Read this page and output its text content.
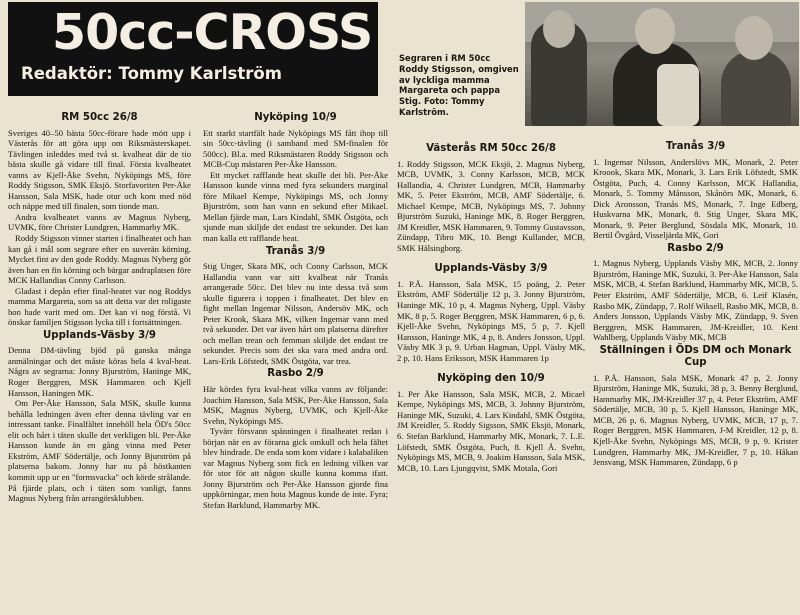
50cc-CROSS
Redaktör: Tommy Karlström

Segraren i RM 50cc Roddy Stigsson, omgiven av lyckliga mamma Margareta och pappa Stig. Foto: Tommy Karlström.

RM 50cc 26/8

Sveriges 40–50 bästa 50cc-förare hade mött upp i Västerås för att göra upp om Riksmästerskapet. Tävlingen inleddes med två st. kvalheat där de tio bästa skulle gå vidare till final. Första kvalheatet vanns av Kjell-Åke Svehn, Nyköpings MS, före Roddy Stigsson, SMK Eksjö. Storfavoriten Per-Åke Hansson, Sala MSK, hade otur och kom med nöd och näppe med till finalen, som tionde man.

Andra kvalheatet vanns av Magnus Nyberg, UVMK, före Christer Lundgren, Hammarby MK.

Roddy Stigsson vinner starten i finalheatet och han kan gå i mål som segrare efter en suverän körning. Mycket fint av den gode Roddy. Magnus Nyberg gör även han en fin körning och bärgar andraplatsen före MCK Hallandias Conny Carlsson.

Gladast i depån efter final-heatet var nog Roddys mamma Margareta, som sa att detta var det roligaste hon hade varit med om. Det kan vi nog förstå. Vi önskar familjen Stigsson lycka till i fortsättningen.

Upplands-Väsby 3/9

Denna DM-tävling bjöd på ganska många anmälningar och det måste köras hela 4 kval-heat. Några av segrarna: Jonny Bjurström, Haninge MK, Roger Berggren, MSK Hammaren och Kjell Hansson, Haningen MK.

Om Per-Åke Hansson, Sala MSK, skulle kunna behålla ledningen även efter denna tävling var en intressant tanke. Finalfältet innehöll hela ÖD's 50cc elit och hårt i täten skulle det verkligen bli. Per-Åke Hansson kunde än en gång vinna med Peter Ekström, AMF Södertälje, och Jonny Bjurström på platserna bakom. Jonny har nu på höstkanten kommit upp ur en "formsvacka" och körde strålande. På fjärde plats, och i täten som vanligt, fanns Magnus Nyberg från arrangörsklubben.

Nyköping 10/9

Ett starkt startfält hade Nyköpings MS fått ihop till sin 50cc-tävling (i samband med SM-finalen för 500cc). Bl.a. med Riksmästaren Roddy Stigsson och MCB-Cup mästaren Per-Åke Hansson.

Ett mycket rafflande heat skulle det bli. Per-Åke Hansson kunde vinna med fyra sekunders marginal före Mikael Kempe, Nyköpings MS, och Jonny Bjurström, som han vann en sekund efter Mikael. Mellan fjärde man, Lars Kindahl, SMK Östgöta, och sjunde man skiljde det endast tre sekunder. Det kan man kalla ett rafflande heat.

Tranås 3/9

Stig Unger, Skara MK, och Conny Carlsson, MCK Hallandia vann var sitt kvalheat när Tranås arrangerade 50cc. Det blev nu inte dessa två som skulle figurera i toppen i finalheatet. Det blev en fight mellan Ingemar Nilsson, Andersöv MK, och Peter Krook, Skara MK, vilken Ingemar vann med två sekunder. Det var även hårt om platserna därefter och mellan trean och femman skiljde det endast tre sekunder. Precis som det ska vara med andra ord. Lars-Erik Löfstedt, SMK Östgöta, var trea.

Rasbo 2/9

Här kördes fyra kval-heat vilka vanns av följande: Joachim Hansson, Sala MSK, Per-Åke Hansson, Sala MSK, Magnus Nyberg, UVMK, och Kjell-Åke Svehn, Nyköpings MS.

Tyvärr försvann spänningen i finalheatet redan i början när en av förarna gick omkull och hela fältet blev hindrade. De enda som kom vidare i kalabaliken var Magnus Nyberg som fick en ledning vilken var för stor för att någon skulle kunna komma ifatt. Jonny Bjurström och Per-Åke Hansson gjorde fina uppkörningar, men hota Magnus kunde de inte. Fyra; Stefan Barklund, Hammarby MK.

Västerås RM 50cc 26/8

1. Roddy Stigsson, MCK Eksjö, 2. Magnus Nyberg, MCB, UVMK, 3. Conny Karlsson, MCB, MCK Hallandia, 4. Christer Lundgren, MCB, Hammarby MK, 5. Peter Ekström, MCB, AMF Södertälje, 6. Michael Kempe, MCB, Nyköpings MS, 7. Johnny Bjurström Suzuki, Haninge MK, 8. Roger Berggren, JM Kreidler, MSK Hammaren, 9. Tommy Gustavsson, Zündapp, Tibro MK, 10. Bengt Kullander, MCB, SMK Hälsingborg.

Upplands-Väsby 3/9

1. P.Å. Hansson, Sala MSK, 15 poäng, 2. Peter Ekström, AMF Södertälje 12 p, 3. Jonny Bjurström, Haninge MK, 10 p, 4. Magnus Nyberg, Uppl. Väsby MK, 8 p, 5. Roger Berggren, MSK Hammaren, 6 p, 6. Kjell-Åke Svehn, Nyköpings MS, 5 p, 7. Kjell Hansson, Haninge MK, 4 p, 8. Anders Jonsson, Uppl. Väsby MK 3 p, 9. Urban Hagman, Uppl. Väsby MK, 2 p, 10. Hans Eriksson, MSK Hammaren 1p

Nyköping den 10/9

1. Per Åke Hansson, Sala MSK, MCB, 2. Micael Kempe, Nyköpings MS, MCB, 3. Johnny Bjurström, Haninge MK, Suzuki, 4. Lars Kindahl, SMK Östgöta, JM Kreidler, 5. Roddy Sigsson, SMK Eksjö, Monark, 6. Stefan Barklund, Hammarby MK, Monark, 7. L.E. Löfstedt, SMK Östgöta, Puch, 8. Kjell Å. Svehn, Nyköpings MS, MCB, 9. Joakim Hansson, Sala MSK, MCB, 10. Lars Ljungqvist, SMK Motala, Gori

Tranås 3/9

1. Ingemar Nilsson, Anderslövs MK, Monark, 2. Peter Kroook, Skara MK, Monark, 3. Lars Erik Löfstedt, SMK Östgöta, Puch, 4. Conny Karlsson, MCK Hallandia, Monark, 5. Tommy Månsson, Skånörs MK, Monark, 6. Dick Aronsson, Tranås MS, Monark, 7. Inge Edberg, Huskvarna MK, Monark, 8. Stig Unger, Skara MK, Monark, 9. Peter Berglund, Sösdala MK, Monark, 10. Bertil Övgård, Visseljärda MK, Gori

Rasbo 2/9

1. Magnus Nyberg, Upplands Väsby MK, MCB, 2. Jonny Bjurström, Haninge MK, Suzuki, 3. Per-Åke Hansson, Sala MSK, MCB, 4. Stefan Barklund, Hammarby MK, MCB, 5. Peter Ekström, AMF Södertälje, MCB, 6. Leif Klasén, Rasbo MK, Zündapp, 7. Rolf Wiksell, Rasbo MK, MCB, 8. Anders Jonsson, Upplands Väsby MK, Zündapp, 9. Sven Berggren, MSK Hammaren, JM-Kreidler, 10. Kent Wahlberg, Upplands Väsby MK, MCB

Ställningen i ÖDs DM och Monark Cup

1. P.Å. Hansson, Sala MSK, Monark 47 p, 2. Jonny Bjurström, Haninge MK, Suzuki, 38 p, 3. Benny Berglund, Hammarby MK, JM-Kreidler 37 p, 4. Peter Ekström, AMF Södertälje, MCB, 30 p, 5. Kjell Hansson, Haninge MK, MCB, 26 p, 6. Magnus Nyberg, UVMK, MCB, 17 p, 7. Roger Berggren, MSK Hammaren, J-M Kreidler, 12 p, 8. Kjell-Åke Svehn, Nyköpings MS, MCB, 9 p, 9. Krister Lundgren, Hammarby MK, JM-Kreidler, 7 p, 10. Håkan Jensvang, MSK Hammaren, Zündapp, 6 p
